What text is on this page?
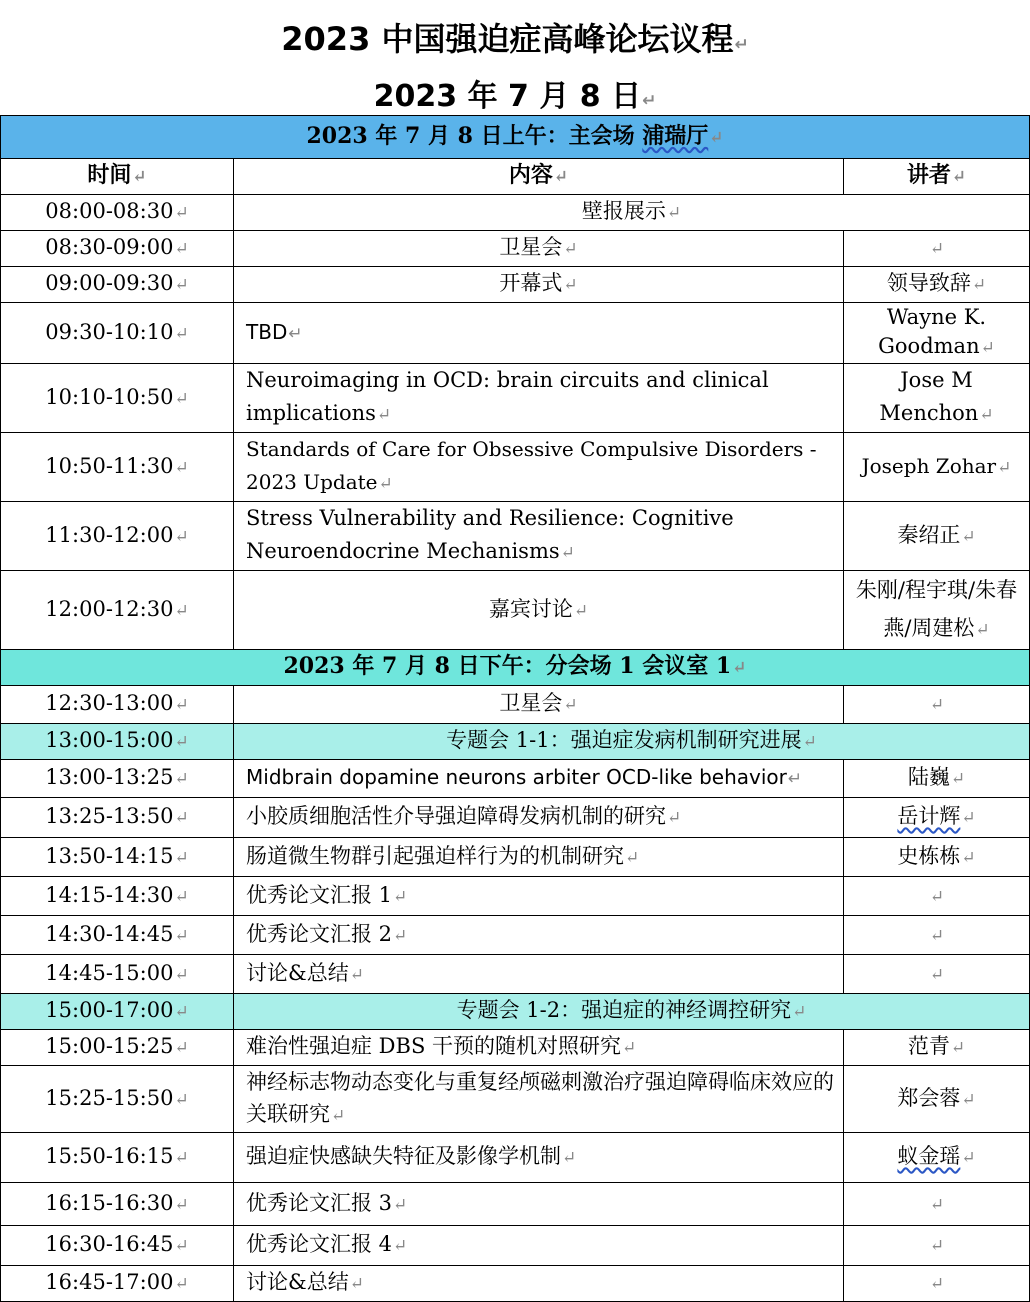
2023 中国强迫症高峰论坛议程↵
2023 年 7 月 8 日↵
2023 年 7 月 8 日上午：主会场 浦瑞厅↵		
时间↵	内容↵	讲者↵
08:00-08:30↵	壁报展示↵	
08:30-09:00↵	卫星会↵	↵
09:00-09:30↵	开幕式↵	领导致辞↵
09:30-10:10↵	TBD↵	Wayne K. Goodman↵
10:10-10:50↵	Neuroimaging in OCD: brain circuits and clinical implications↵	Jose M Menchon↵
10:50-11:30↵	Standards of Care for Obsessive Compulsive Disorders - 2023 Update↵	Joseph Zohar↵
11:30-12:00↵	Stress Vulnerability and Resilience: Cognitive Neuroendocrine Mechanisms↵	秦绍正↵
12:00-12:30↵	嘉宾讨论↵	朱刚/程宇琪/朱春燕/周建松↵
2023 年 7 月 8 日下午：分会场 1 会议室 1↵		
12:30-13:00↵	卫星会↵	↵
13:00-15:00↵	专题会 1-1：强迫症发病机制研究进展↵	
13:00-13:25↵	Midbrain dopamine neurons arbiter OCD-like behavior↵	陆巍↵
13:25-13:50↵	小胶质细胞活性介导强迫障碍发病机制的研究↵	岳计辉↵
13:50-14:15↵	肠道微生物群引起强迫样行为的机制研究↵	史栋栋↵
14:15-14:30↵	优秀论文汇报 1↵	↵
14:30-14:45↵	优秀论文汇报 2↵	↵
14:45-15:00↵	讨论&总结↵	↵
15:00-17:00↵	专题会 1-2：强迫症的神经调控研究↵	
15:00-15:25↵	难治性强迫症 DBS 干预的随机对照研究↵	范青↵
15:25-15:50↵	神经标志物动态变化与重复经颅磁刺激治疗强迫障碍临床效应的关联研究↵	郑会蓉↵
15:50-16:15↵	强迫症快感缺失特征及影像学机制↵	蚁金瑶↵
16:15-16:30↵	优秀论文汇报 3↵	↵
16:30-16:45↵	优秀论文汇报 4↵	↵
16:45-17:00↵	讨论&总结↵	↵
